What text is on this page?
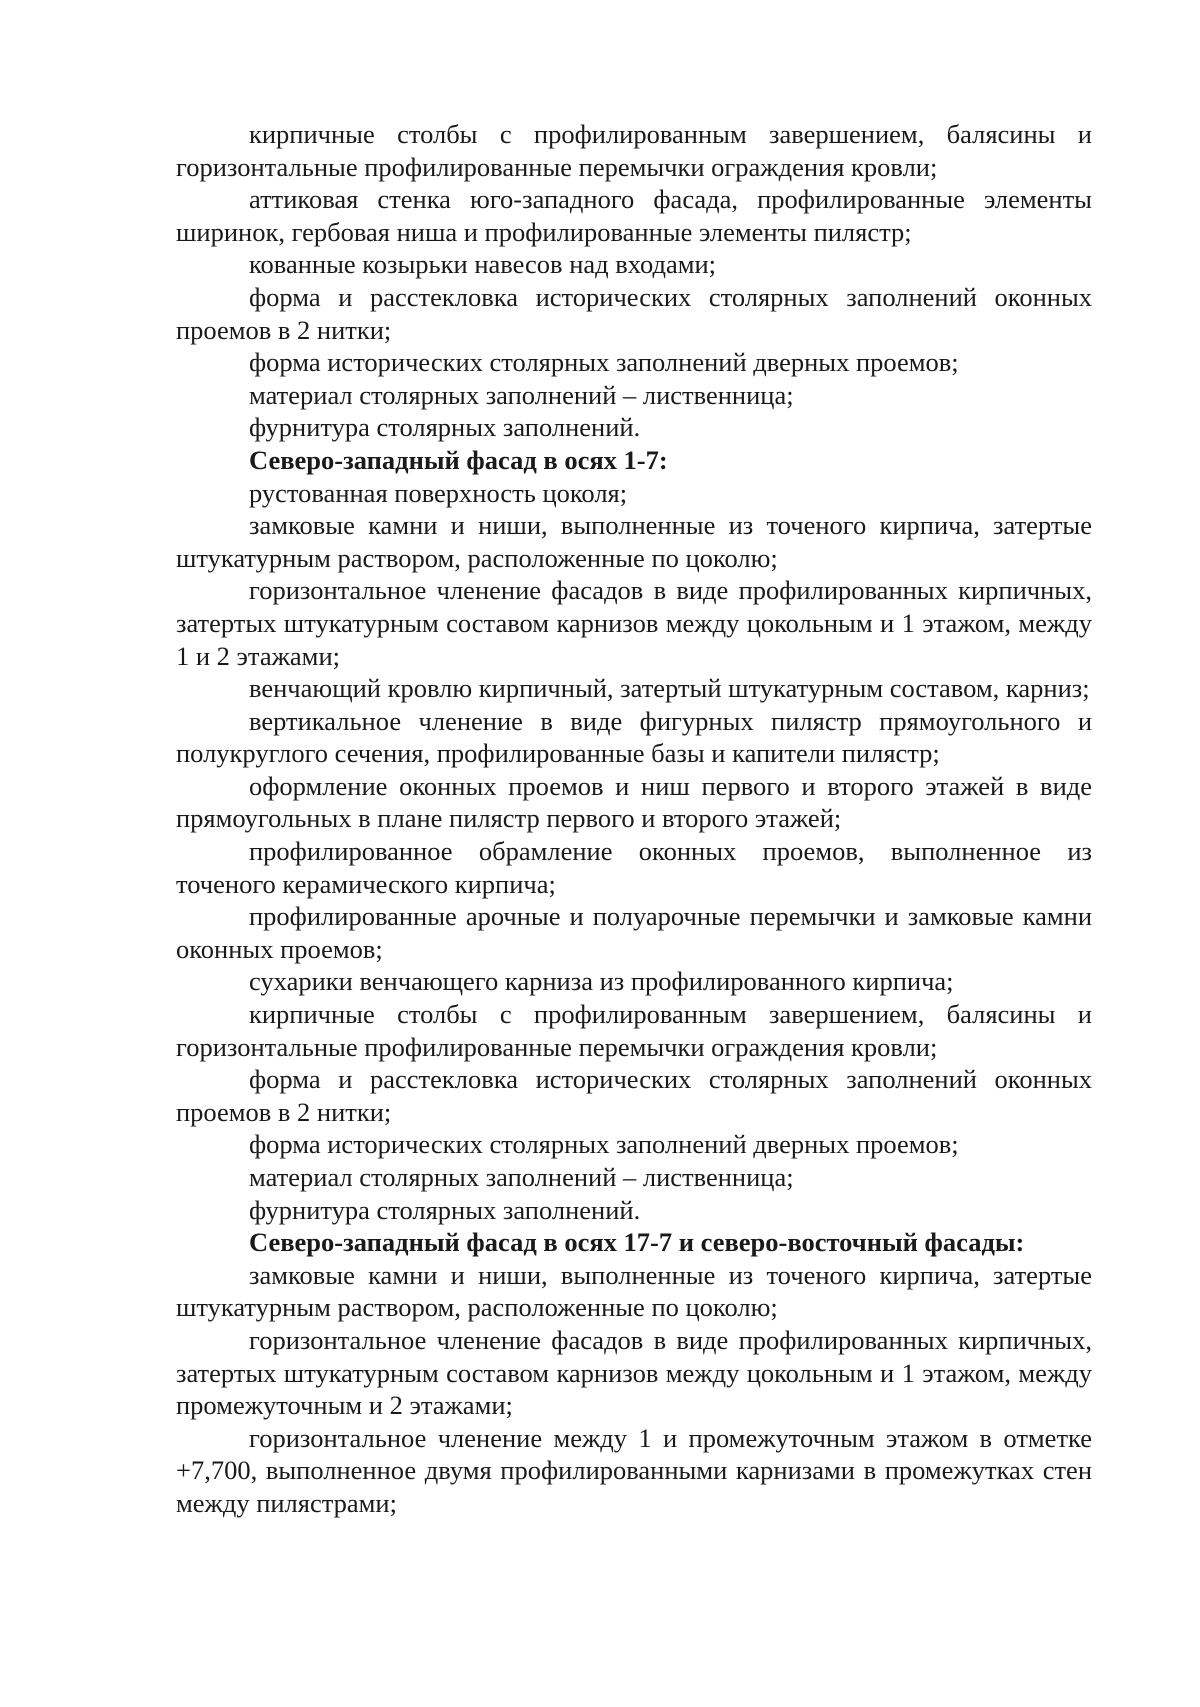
кирпичные столбы с профилированным завершением, балясины и горизонтальные профилированные перемычки ограждения кровли;

аттиковая стенка юго-западного фасада, профилированные элементы ширинок, гербовая ниша и профилированные элементы пилястр;

кованные козырьки навесов над входами;

форма и расстекловка исторических столярных заполнений оконных проемов в 2 нитки;

форма исторических столярных заполнений дверных проемов;

материал столярных заполнений – лиственница;

фурнитура столярных заполнений.

Северо-западный фасад в осях 1-7:

рустованная поверхность цоколя;

замковые камни и ниши, выполненные из точеного кирпича, затертые штукатурным раствором, расположенные по цоколю;

горизонтальное членение фасадов в виде профилированных кирпичных, затертых штукатурным составом карнизов между цокольным и 1 этажом, между 1 и 2 этажами;

венчающий кровлю кирпичный, затертый штукатурным составом, карниз;

вертикальное членение в виде фигурных пилястр прямоугольного и полукруглого сечения, профилированные базы и капители пилястр;

оформление оконных проемов и ниш первого и второго этажей в виде прямоугольных в плане пилястр первого и второго этажей;

профилированное обрамление оконных проемов, выполненное из точеного керамического кирпича;

профилированные арочные и полуарочные перемычки и замковые камни оконных проемов;

сухарики венчающего карниза из профилированного кирпича;

кирпичные столбы с профилированным завершением, балясины и горизонтальные профилированные перемычки ограждения кровли;

форма и расстекловка исторических столярных заполнений оконных проемов в 2 нитки;

форма исторических столярных заполнений дверных проемов;

материал столярных заполнений – лиственница;

фурнитура столярных заполнений.

Северо-западный фасад в осях 17-7 и северо-восточный фасады:

замковые камни и ниши, выполненные из точеного кирпича, затертые штукатурным раствором, расположенные по цоколю;

горизонтальное членение фасадов в виде профилированных кирпичных, затертых штукатурным составом карнизов между цокольным и 1 этажом, между промежуточным и 2 этажами;

горизонтальное членение между 1 и промежуточным этажом в отметке +7,700, выполненное двумя профилированными карнизами в промежутках стен между пилястрами;
